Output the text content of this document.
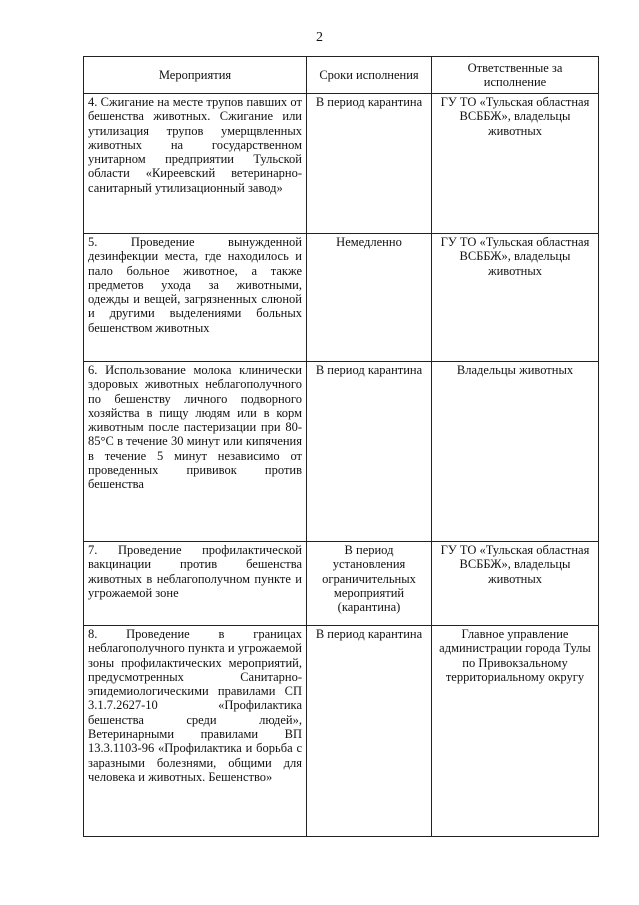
2
Мероприятия	Сроки исполнения	Ответственные за исполнение
4. Сжигание на месте трупов павших от бешенства животных. Сжигание или утилизация трупов умерщвленных животных на государственном унитарном предприятии Тульской области «Киреевский ветеринарно-санитарный утилизационный завод»	В период карантина	ГУ ТО «Тульская областная ВСББЖ», владельцы животных
5. Проведение вынужденной дезинфекции места, где находилось и пало больное животное, а также предметов ухода за животными, одежды и вещей, загрязненных слюной и другими выделениями больных бешенством животных	Немедленно	ГУ ТО «Тульская областная ВСББЖ», владельцы животных
6. Использование молока клинически здоровых животных неблагополучного по бешенству личного подворного хозяйства в пищу людям или в корм животным после пастеризации при 80-85°С в течение 30 минут или кипячения в течение 5 минут независимо от проведенных прививок против бешенства	В период карантина	Владельцы животных
7. Проведение профилактической вакцинации против бешенства животных в неблагополучном пункте и угрожаемой зоне	В период установления ограничительных мероприятий (карантина)	ГУ ТО «Тульская областная ВСББЖ», владельцы животных
8. Проведение в границах неблагополучного пункта и угрожаемой зоны профилактических мероприятий, предусмотренных Санитарно-эпидемиологическими правилами СП 3.1.7.2627-10 «Профилактика бешенства среди людей», Ветеринарными правилами ВП 13.3.1103-96 «Профилактика и борьба с заразными болезнями, общими для человека и животных. Бешенство»	В период карантина	Главное управление администрации города Тулы по Привокзальному территориальному округу
